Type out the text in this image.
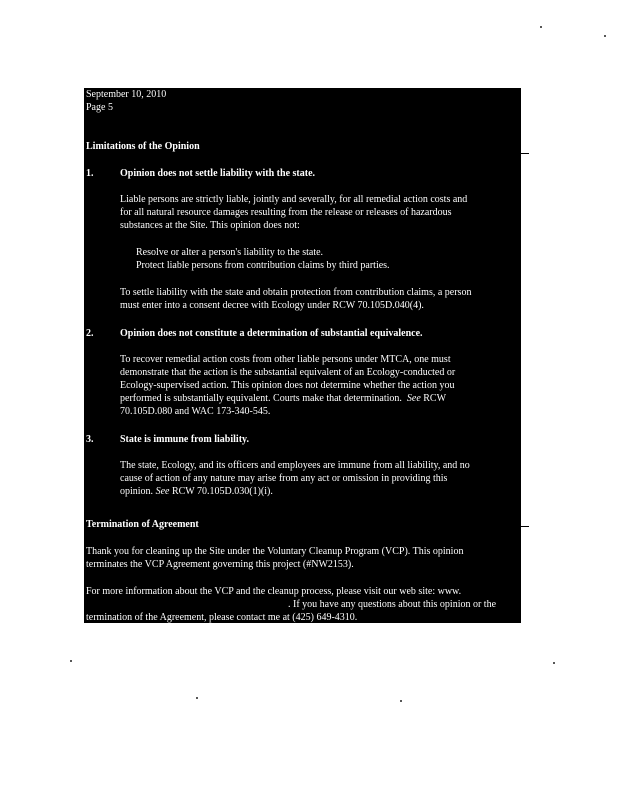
September 10, 2010
Page 5
Limitations of the Opinion
1.	Opinion does not settle liability with the state.
Liable persons are strictly liable, jointly and severally, for all remedial action costs and
for all natural resource damages resulting from the release or releases of hazardous
substances at the Site. This opinion does not:
Resolve or alter a person's liability to the state.
Protect liable persons from contribution claims by third parties.
To settle liability with the state and obtain protection from contribution claims, a person
must enter into a consent decree with Ecology under RCW 70.105D.040(4).
2.	Opinion does not constitute a determination of substantial equivalence.
To recover remedial action costs from other liable persons under MTCA, one must
demonstrate that the action is the substantial equivalent of an Ecology-conducted or
Ecology-supervised action. This opinion does not determine whether the action you
performed is substantially equivalent. Courts make that determination. See RCW
70.105D.080 and WAC 173-340-545.
3.	State is immune from liability.
The state, Ecology, and its officers and employees are immune from all liability, and no
cause of action of any nature may arise from any act or omission in providing this
opinion. See RCW 70.105D.030(1)(i).
Termination of Agreement
Thank you for cleaning up the Site under the Voluntary Cleanup Program (VCP). This opinion
terminates the VCP Agreement governing this project (#NW2153).
For more information about the VCP and the cleanup process, please visit our web site: www.
. If you have any questions about this opinion or the
termination of the Agreement, please contact me at (425) 649-4310.
